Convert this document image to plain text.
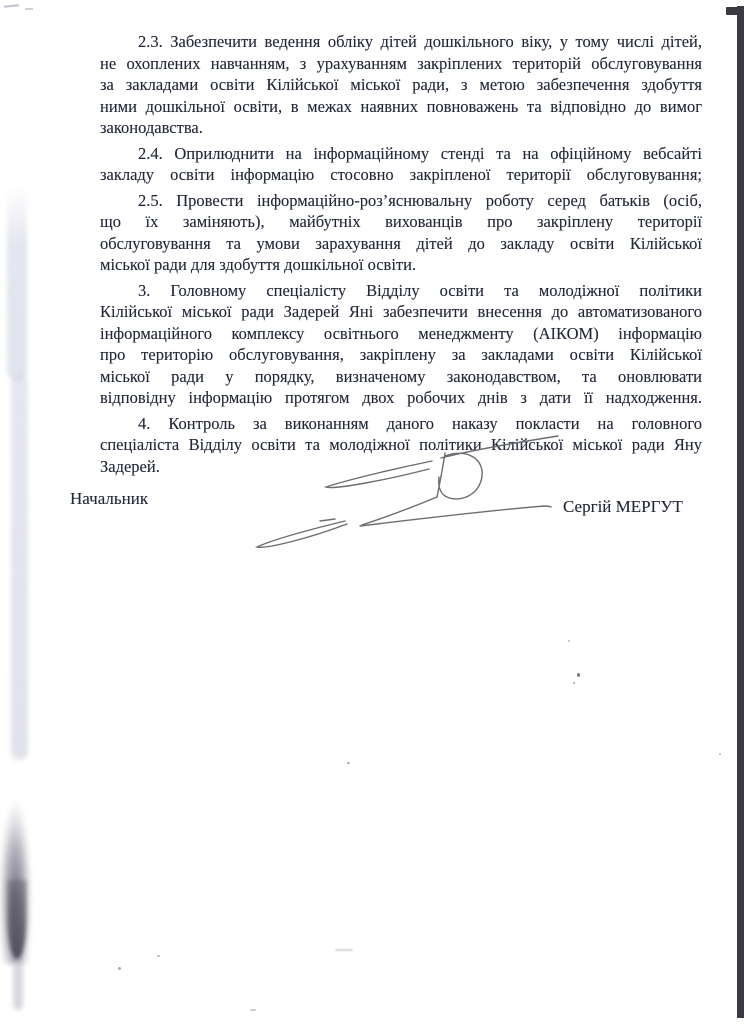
2.3. Забезпечити ведення обліку дітей дошкільного віку, у тому числі дітей,
не охоплених навчанням, з урахуванням закріплених територій обслуговування
за закладами освіти Кілійської міської ради, з метою забезпечення здобуття
ними дошкільної освіти, в межах наявних повноважень та відповідно до вимог
законодавства.
2.4. Оприлюднити на інформаційному стенді та на офіційному вебсайті
закладу освіти інформацію стосовно закріпленої території обслуговування;
2.5. Провести інформаційно-роз’яснювальну роботу серед батьків (осіб,
що їх заміняють), майбутніх вихованців про закріплену території
обслуговування та умови зарахування дітей до закладу освіти Кілійської
міської ради для здобуття дошкільної освіти.
3. Головному спеціалісту Відділу освіти та молодіжної політики
Кілійської міської ради Задерей Яні забезпечити внесення до автоматизованого
інформаційного комплексу освітнього менеджменту (АІКОМ) інформацію
про територію обслуговування, закріплену за закладами освіти Кілійської
міської ради у порядку, визначеному законодавством, та оновлювати
відповідну інформацію протягом двох робочих днів з дати її надходження.
4. Контроль за виконанням даного наказу покласти на головного
спеціаліста Відділу освіти та молодіжної політики Кілійської міської ради Яну
Задерей.
Начальник	Сергій МЕРГУТ
